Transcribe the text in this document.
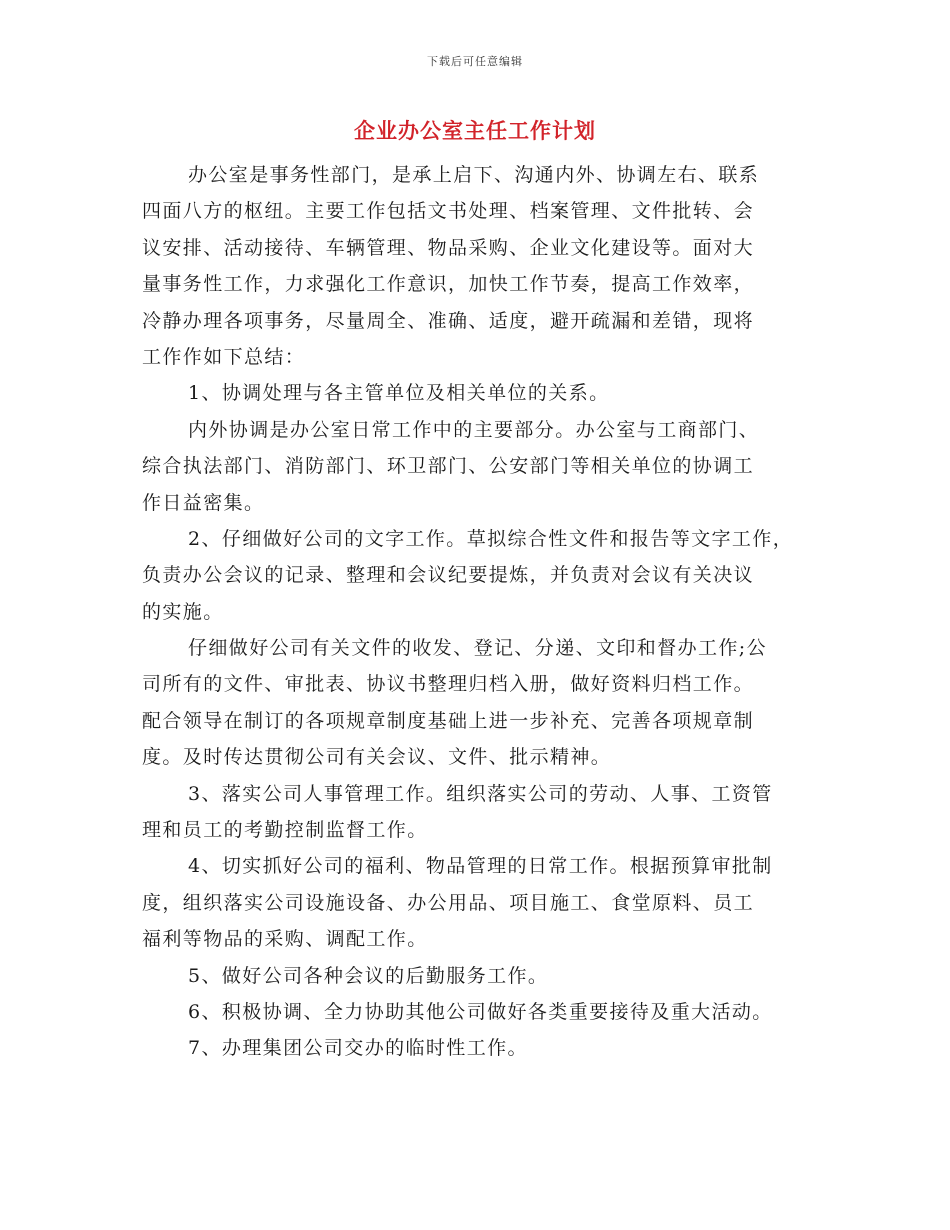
下载后可任意编辑
企业办公室主任工作计划
办公室是事务性部门，是承上启下、沟通内外、协调左右、联系
四面八方的枢纽。主要工作包括文书处理、档案管理、文件批转、会
议安排、活动接待、车辆管理、物品采购、企业文化建设等。面对大
量事务性工作，力求强化工作意识，加快工作节奏，提高工作效率，
冷静办理各项事务，尽量周全、准确、适度，避开疏漏和差错，现将
工作作如下总结：
1、协调处理与各主管单位及相关单位的关系。
内外协调是办公室日常工作中的主要部分。办公室与工商部门、
综合执法部门、消防部门、环卫部门、公安部门等相关单位的协调工
作日益密集。
2、仔细做好公司的文字工作。草拟综合性文件和报告等文字工作，
负责办公会议的记录、整理和会议纪要提炼，并负责对会议有关决议
的实施。
仔细做好公司有关文件的收发、登记、分递、文印和督办工作;公
司所有的文件、审批表、协议书整理归档入册，做好资料归档工作。
配合领导在制订的各项规章制度基础上进一步补充、完善各项规章制
度。及时传达贯彻公司有关会议、文件、批示精神。
3、落实公司人事管理工作。组织落实公司的劳动、人事、工资管
理和员工的考勤控制监督工作。
4、切实抓好公司的福利、物品管理的日常工作。根据预算审批制
度，组织落实公司设施设备、办公用品、项目施工、食堂原料、员工
福利等物品的采购、调配工作。
5、做好公司各种会议的后勤服务工作。
6、积极协调、全力协助其他公司做好各类重要接待及重大活动。
7、办理集团公司交办的临时性工作。
